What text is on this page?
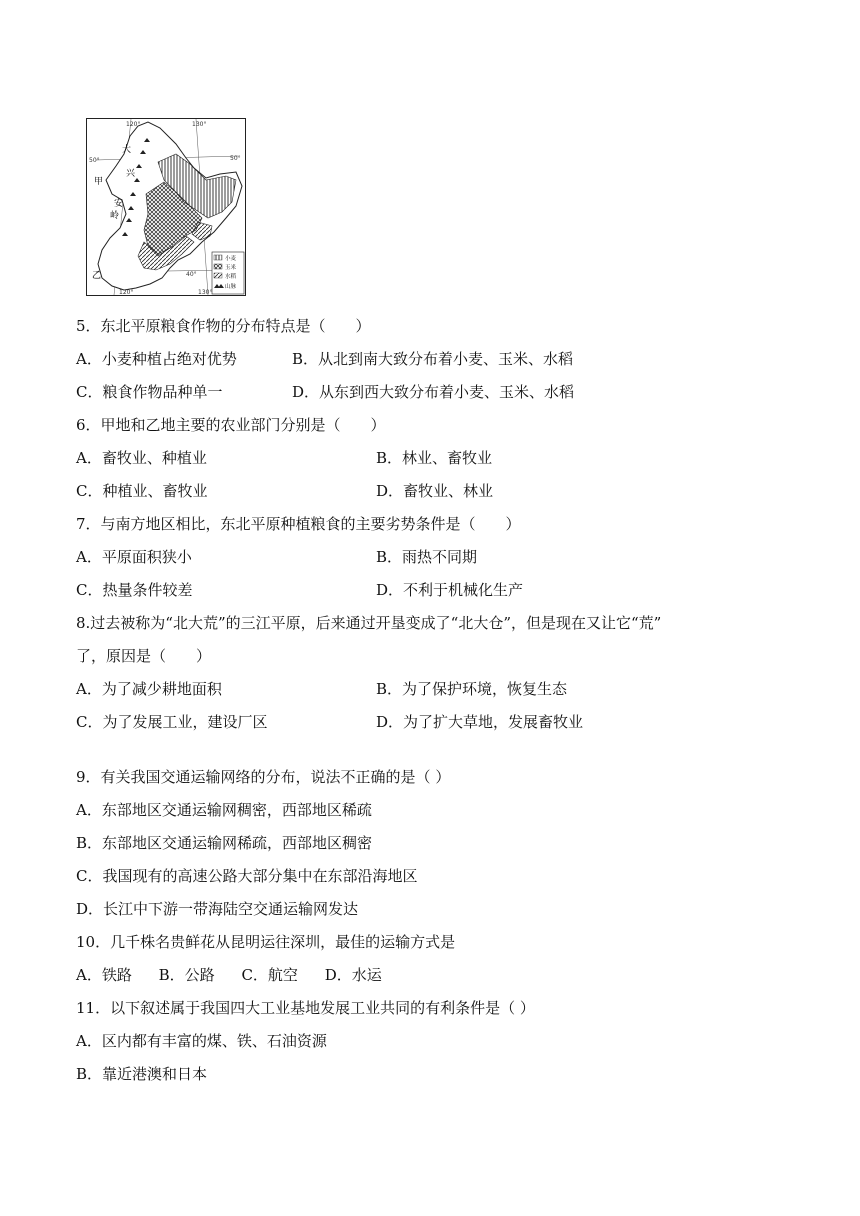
120°	130°
50°	50°
40°
120°	130°
大
兴
安
岭
甲
乙
小麦
玉米
水稻
山脉
5．东北平原粮食作物的分布特点是（　　）
A．小麦种植占绝对优势	B．从北到南大致分布着小麦、玉米、水稻
C．粮食作物品种单一	D．从东到西大致分布着小麦、玉米、水稻
6．甲地和乙地主要的农业部门分别是（　　）
A．畜牧业、种植业	B．林业、畜牧业
C．种植业、畜牧业	D．畜牧业、林业
7．与南方地区相比，东北平原种植粮食的主要劣势条件是（　　）
A．平原面积狭小	B．雨热不同期
C．热量条件较差	D．不利于机械化生产
8.过去被称为“北大荒”的三江平原，后来通过开垦变成了“北大仓”，但是现在又让它“荒”
了，原因是（　　）
A．为了减少耕地面积	B．为了保护环境，恢复生态
C．为了发展工业，建设厂区	D．为了扩大草地，发展畜牧业
9．有关我国交通运输网络的分布，说法不正确的是（ ）
A．东部地区交通运输网稠密，西部地区稀疏
B．东部地区交通运输网稀疏，西部地区稠密
C．我国现有的高速公路大部分集中在东部沿海地区
D．长江中下游一带海陆空交通运输网发达
10．几千株名贵鲜花从昆明运往深圳，最佳的运输方式是
A．铁路 B．公路 C．航空 D．水运
11．以下叙述属于我国四大工业基地发展工业共同的有利条件是（ ）
A．区内都有丰富的煤、铁、石油资源
B．靠近港澳和日本
